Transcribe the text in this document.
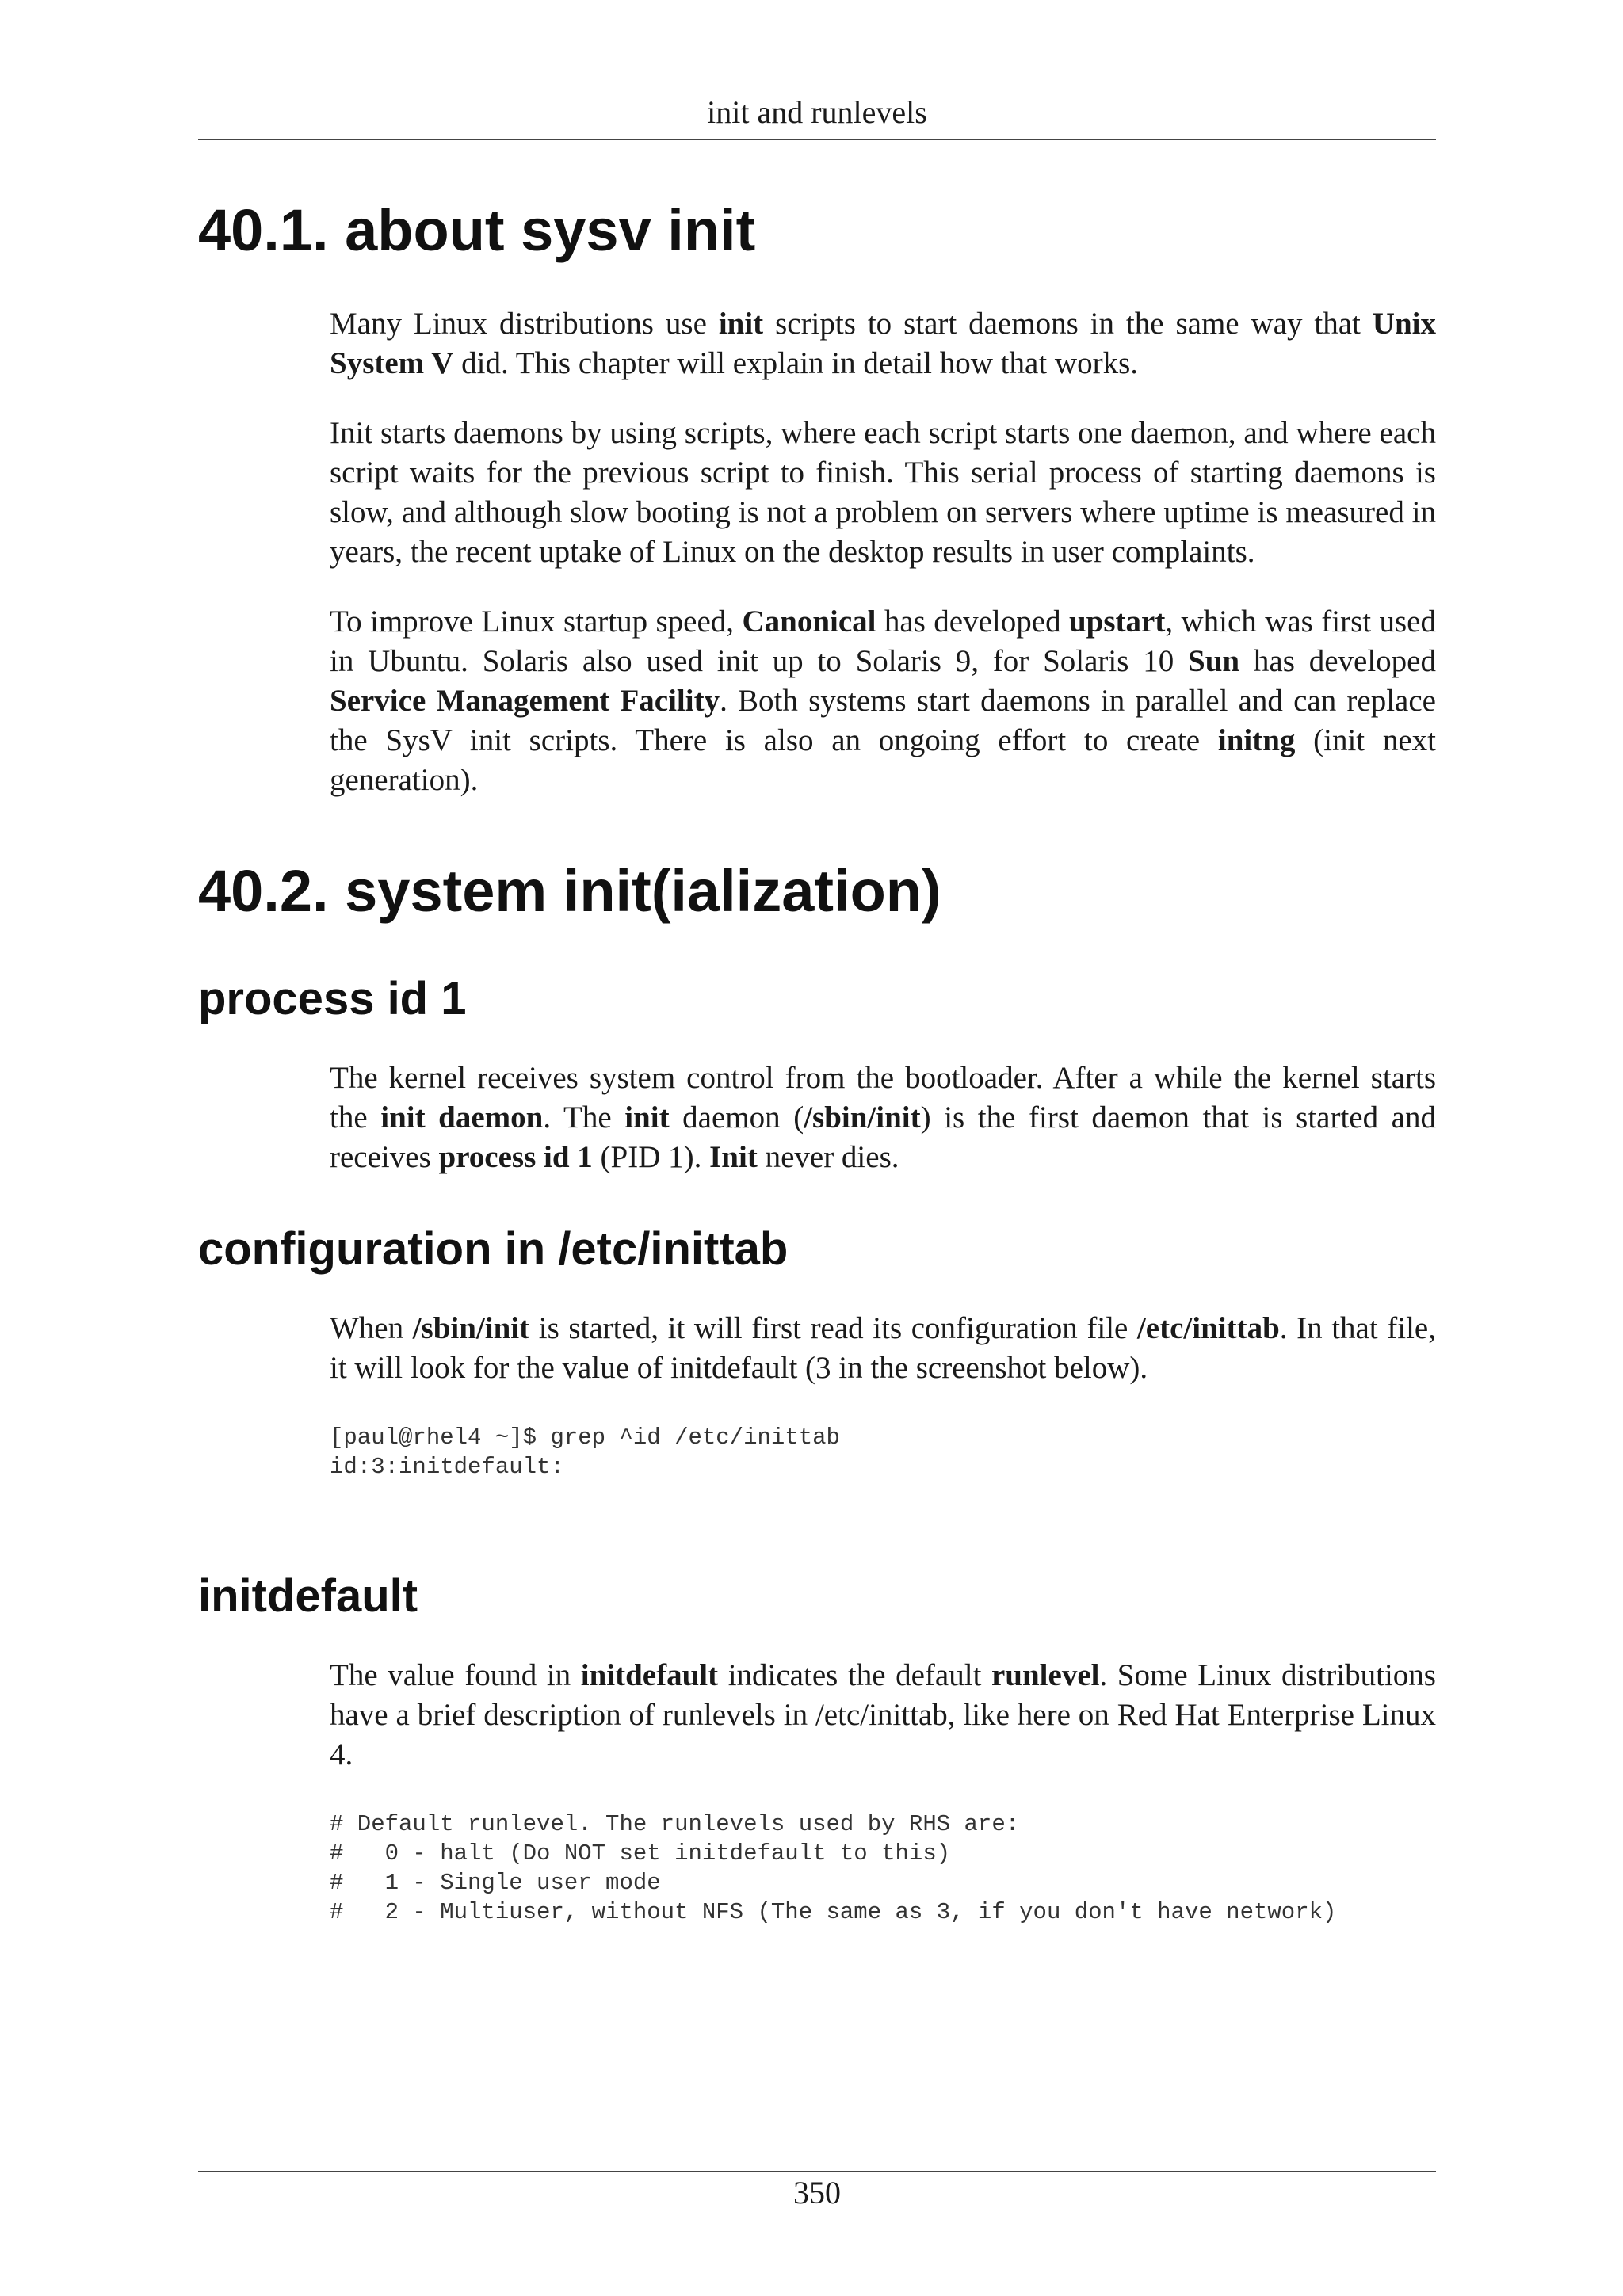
init and runlevels
40.1. about sysv init

Many Linux distributions use init scripts to start daemons in the same way that Unix System V did. This chapter will explain in detail how that works.

Init starts daemons by using scripts, where each script starts one daemon, and where each script waits for the previous script to finish. This serial process of starting daemons is slow, and although slow booting is not a problem on servers where uptime is measured in years, the recent uptake of Linux on the desktop results in user complaints.

To improve Linux startup speed, Canonical has developed upstart, which was first used in Ubuntu. Solaris also used init up to Solaris 9, for Solaris 10 Sun has developed Service Management Facility. Both systems start daemons in parallel and can replace the SysV init scripts. There is also an ongoing effort to create initng (init next generation).

40.2. system init(ialization)
process id 1

The kernel receives system control from the bootloader. After a while the kernel starts the init daemon. The init daemon (/sbin/init) is the first daemon that is started and receives process id 1 (PID 1). Init never dies.

configuration in /etc/inittab

When /sbin/init is started, it will first read its configuration file /etc/inittab. In that file, it will look for the value of initdefault (3 in the screenshot below).

[paul@rhel4 ~]$ grep ^id /etc/inittab
id:3:initdefault:
initdefault

The value found in initdefault indicates the default runlevel. Some Linux distributions have a brief description of runlevels in /etc/inittab, like here on Red Hat Enterprise Linux 4.

# Default runlevel. The runlevels used by RHS are:
#   0 - halt (Do NOT set initdefault to this)
#   1 - Single user mode
#   2 - Multiuser, without NFS (The same as 3, if you don't have network)
350
